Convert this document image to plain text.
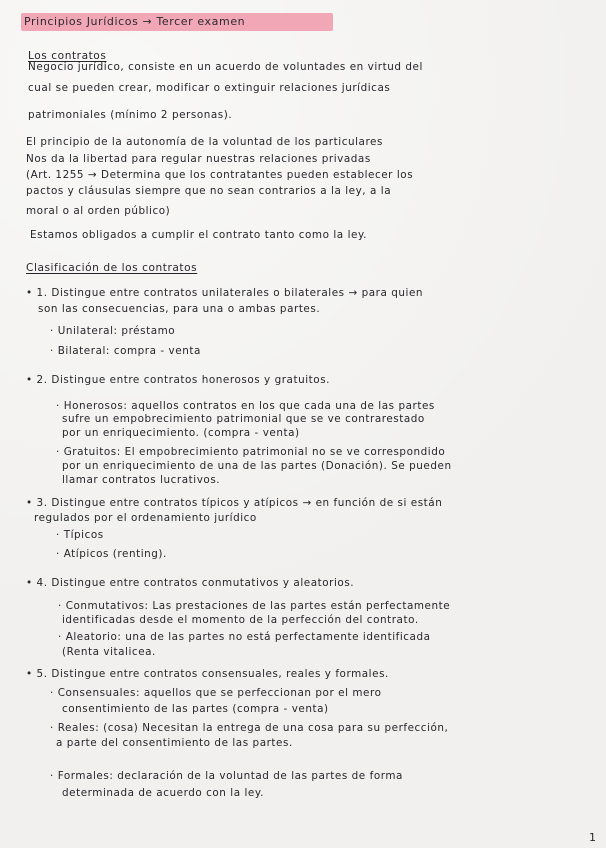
Principios Jurídicos → Tercer examen
Los contratos
Negocio jurídico, consiste en un acuerdo de voluntades en virtud del
cual se pueden crear, modificar o extinguir relaciones jurídicas
patrimoniales (mínimo 2 personas).
El principio de la autonomía de la voluntad de los particulares
Nos da la libertad para regular nuestras relaciones privadas
(Art. 1255 → Determina que los contratantes pueden establecer los
pactos y cláusulas siempre que no sean contrarios a la ley, a la
moral o al orden público)
Estamos obligados a cumplir el contrato tanto como la ley.
Clasificación de los contratos
• 1. Distingue entre contratos unilaterales o bilaterales → para quien
son las consecuencias, para una o ambas partes.
· Unilateral: préstamo
· Bilateral: compra - venta
• 2. Distingue entre contratos honerosos y gratuitos.
· Honerosos: aquellos contratos en los que cada una de las partes
sufre un empobrecimiento patrimonial que se ve contrarestado
por un enriquecimiento. (compra - venta)
· Gratuitos: El empobrecimiento patrimonial no se ve correspondido
por un enriquecimiento de una de las partes (Donación). Se pueden
llamar contratos lucrativos.
• 3. Distingue entre contratos típicos y atípicos → en función de si están
regulados por el ordenamiento jurídico
· Típicos
· Atípicos (renting).
• 4. Distingue entre contratos conmutativos y aleatorios.
· Conmutativos: Las prestaciones de las partes están perfectamente
identificadas desde el momento de la perfección del contrato.
· Aleatorio: una de las partes no está perfectamente identificada
(Renta vitalicea.
• 5. Distingue entre contratos consensuales, reales y formales.
· Consensuales: aquellos que se perfeccionan por el mero
consentimiento de las partes (compra - venta)
· Reales: (cosa) Necesitan la entrega de una cosa para su perfección,
a parte del consentimiento de las partes.
· Formales: declaración de la voluntad de las partes de forma
determinada de acuerdo con la ley.
1
